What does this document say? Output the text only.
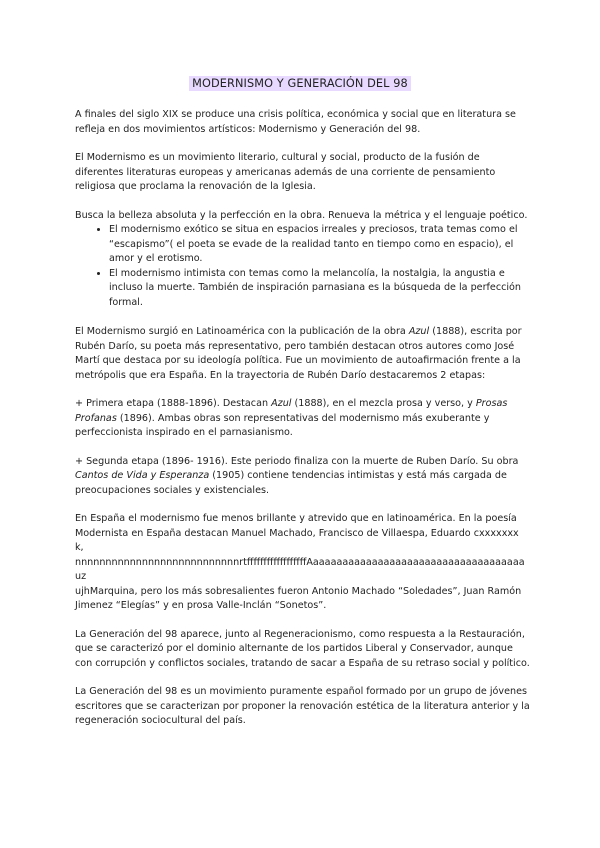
MODERNISMO Y GENERACIÓN DEL 98

A finales del siglo XIX se produce una crisis política, económica y social que en literatura se refleja en dos movimientos artísticos: Modernismo y Generación del 98.

El Modernismo es un movimiento literario, cultural y social, producto de la fusión de diferentes literaturas europeas y americanas además de una corriente de pensamiento religiosa que proclama la renovación de la Iglesia.

Busca la belleza absoluta y la perfección en la obra. Renueva la métrica y el lenguaje poético.

• El modernismo exótico se situa en espacios irreales y preciosos, trata temas como el “escapismo”( el poeta se evade de la realidad tanto en tiempo como en espacio), el amor y el erotismo.
• El modernismo intimista con temas como la melancolía, la nostalgia, la angustia e incluso la muerte. También de inspiración parnasiana es la búsqueda de la perfección formal.

El Modernismo surgió en Latinoamérica con la publicación de la obra Azul (1888), escrita por Rubén Darío, su poeta más representativo, pero también destacan otros autores como José Martí que destaca por su ideología política. Fue un movimiento de autoafirmación frente a la metrópolis que era España. En la trayectoria de Rubén Darío destacaremos 2 etapas:

+ Primera etapa (1888-1896). Destacan Azul (1888), en el mezcla prosa y verso, y Prosas Profanas (1896). Ambas obras son representativas del modernismo más exuberante y perfeccionista inspirado en el parnasianismo.

+ Segunda etapa (1896- 1916). Este periodo finaliza con la muerte de Ruben Darío. Su obra Cantos de Vida y Esperanza (1905) contiene tendencias intimistas y está más cargada de preocupaciones sociales y existenciales.

En España el modernismo fue menos brillante y atrevido que en latinoamérica. En la poesía
Modernista en España destacan Manuel Machado, Francisco de Villaespa, Eduardo cxxxxxxx k,
nnnnnnnnnnnnnnnnnnnnnnnnnnnrtffffffffffffffffffAaaaaaaaaaaaaaaaaaaaaaaaaaaaaaaaaaaaauz
ujhMarquina, pero los más sobresalientes fueron Antonio Machado “Soledades”, Juan Ramón Jimenez “Elegías” y en prosa Valle-Inclán “Sonetos”.

La Generación del 98 aparece, junto al Regeneracionismo, como respuesta a la Restauración, que se caracterizó por el dominio alternante de los partidos Liberal y Conservador, aunque con corrupción y conflictos sociales, tratando de sacar a España de su retraso social y político.

La Generación del 98 es un movimiento puramente español formado por un grupo de jóvenes escritores que se caracterizan por proponer la renovación estética de la literatura anterior y la regeneración sociocultural del país.
